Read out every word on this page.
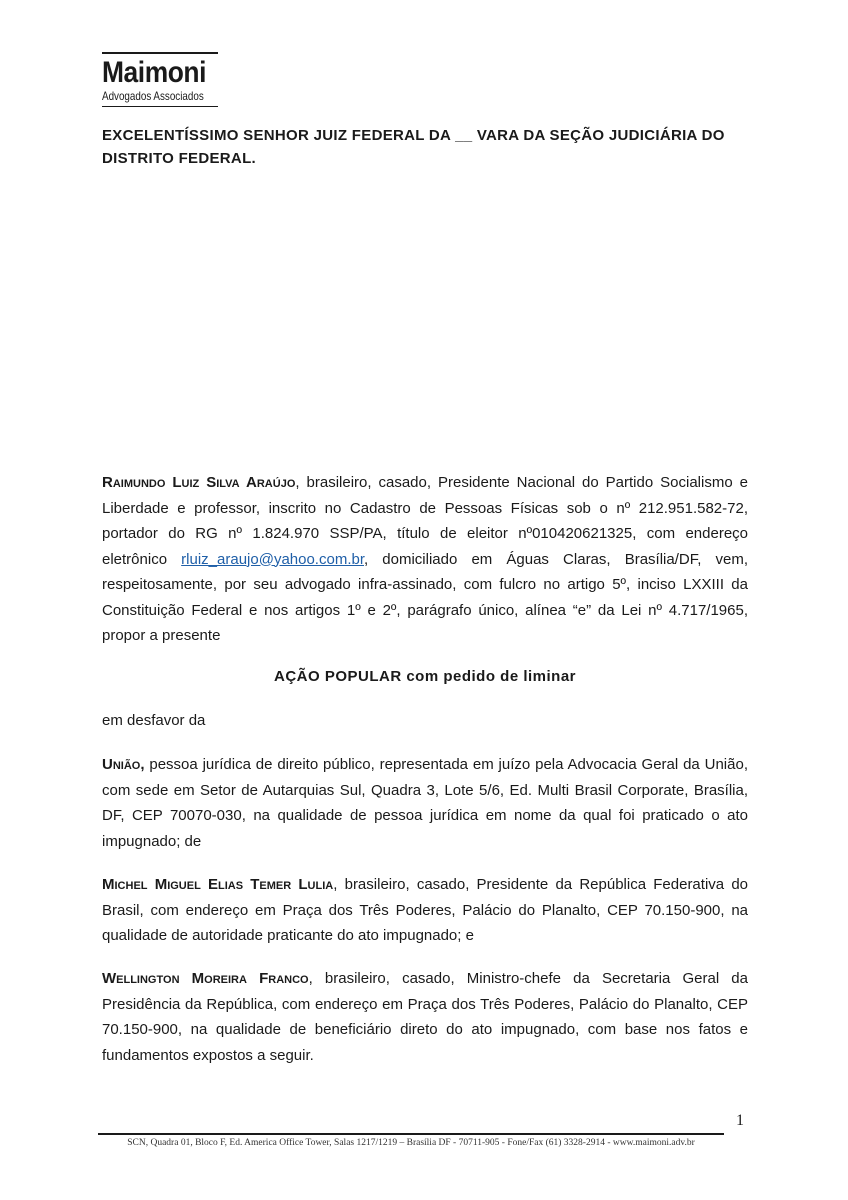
Maimoni
Advogados Associados
EXCELENTÍSSIMO SENHOR JUIZ FEDERAL DA __ VARA DA SEÇÃO JUDICIÁRIA DO DISTRITO FEDERAL.
Raimundo Luiz Silva Araújo, brasileiro, casado, Presidente Nacional do Partido Socialismo e Liberdade e professor, inscrito no Cadastro de Pessoas Físicas sob o nº 212.951.582-72, portador do RG nº 1.824.970 SSP/PA, título de eleitor nº010420621325, com endereço eletrônico rluiz_araujo@yahoo.com.br, domiciliado em Águas Claras, Brasília/DF, vem, respeitosamente, por seu advogado infra-assinado, com fulcro no artigo 5º, inciso LXXIII da Constituição Federal e nos artigos 1º e 2º, parágrafo único, alínea “e” da Lei nº 4.717/1965, propor a presente
AÇÃO POPULAR com pedido de liminar
em desfavor da
União, pessoa jurídica de direito público, representada em juízo pela Advocacia Geral da União, com sede em Setor de Autarquias Sul, Quadra 3, Lote 5/6, Ed. Multi Brasil Corporate, Brasília, DF, CEP 70070-030, na qualidade de pessoa jurídica em nome da qual foi praticado o ato impugnado; de
Michel Miguel Elias Temer Lulia, brasileiro, casado, Presidente da República Federativa do Brasil, com endereço em Praça dos Três Poderes, Palácio do Planalto, CEP 70.150-900, na qualidade de autoridade praticante do ato impugnado; e
Wellington Moreira Franco, brasileiro, casado, Ministro-chefe da Secretaria Geral da Presidência da República, com endereço em Praça dos Três Poderes, Palácio do Planalto, CEP 70.150-900, na qualidade de beneficiário direto do ato impugnado, com base nos fatos e fundamentos expostos a seguir.
1
SCN, Quadra 01, Bloco F, Ed. America Office Tower, Salas 1217/1219 – Brasília DF - 70711-905 - Fone/Fax (61) 3328-2914 - www.maimoni.adv.br
